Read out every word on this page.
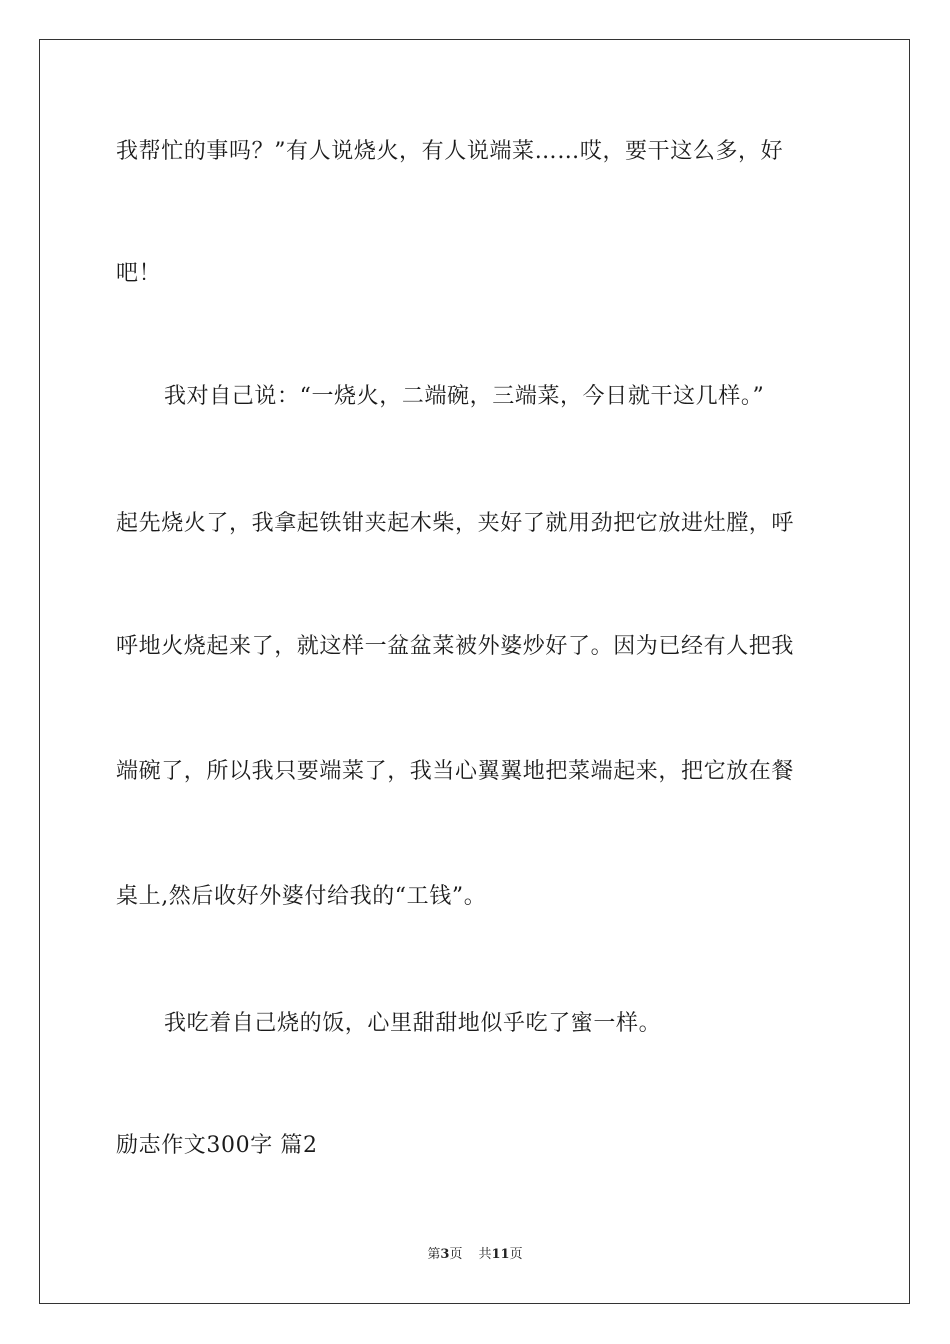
我帮忙的事吗？”有人说烧火，有人说端菜……哎，要干这么多，好
吧！
我对自己说：“一烧火，二端碗，三端菜，今日就干这几样。”
起先烧火了，我拿起铁钳夹起木柴，夹好了就用劲把它放进灶膛，呼
呼地火烧起来了，就这样一盆盆菜被外婆炒好了。因为已经有人把我
端碗了，所以我只要端菜了，我当心翼翼地把菜端起来，把它放在餐
桌上,然后收好外婆付给我的“工钱”。
我吃着自己烧的饭，心里甜甜地似乎吃了蜜一样。
励志作文300字 篇2
第3页 共11页
